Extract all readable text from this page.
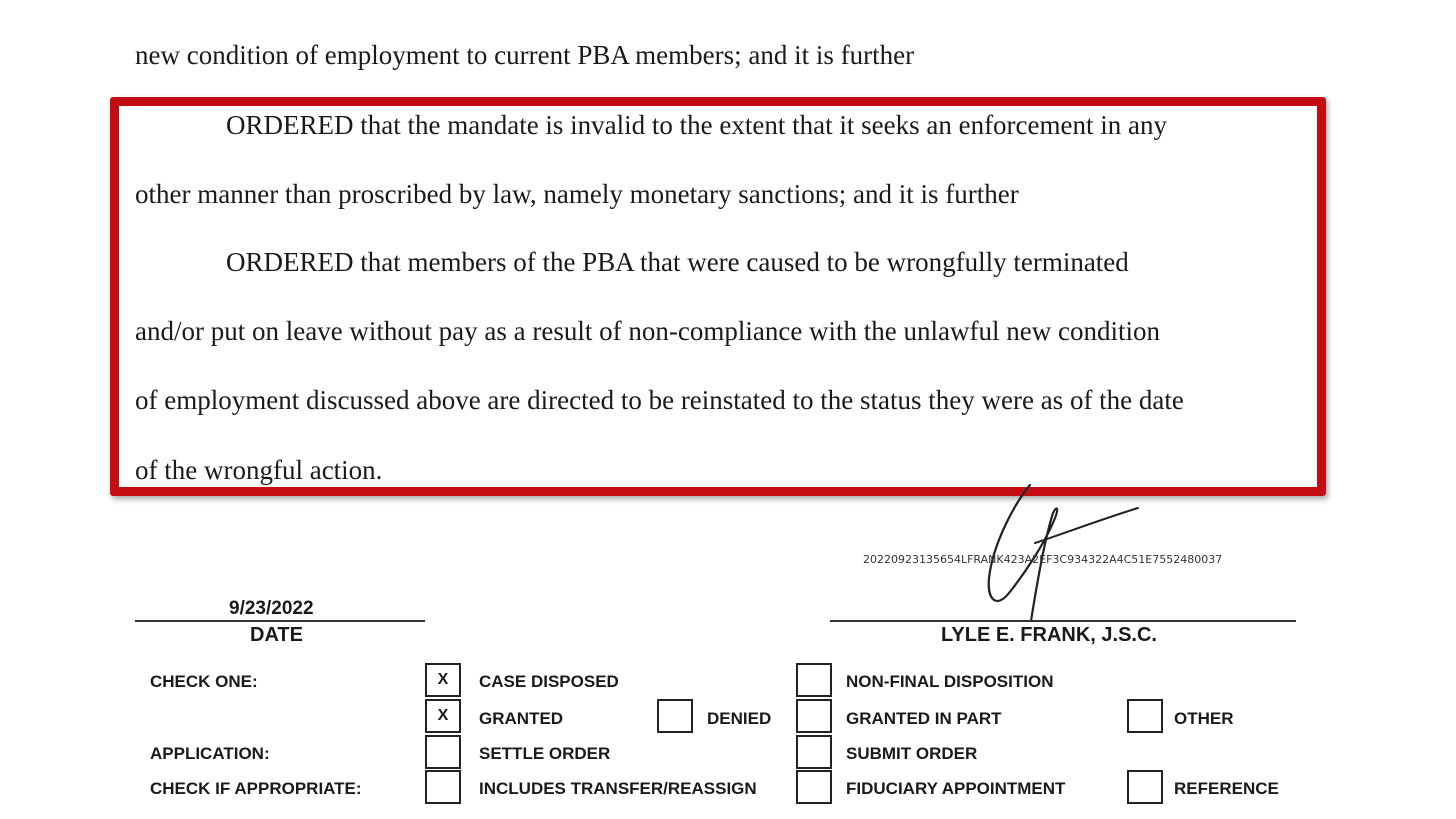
new condition of employment to current PBA members; and it is further
ORDERED that the mandate is invalid to the extent that it seeks an enforcement in any
other manner than proscribed by law, namely monetary sanctions; and it is further
ORDERED that members of the PBA that were caused to be wrongfully terminated
and/or put on leave without pay as a result of non-compliance with the unlawful new condition
of employment discussed above are directed to be reinstated to the status they were as of the date
of the wrongful action.
20220923135654LFRANK423A2EF3C934322A4C51E7552480037
LYLE E. FRANK, J.S.C.
9/23/2022
DATE
CHECK ONE:
APPLICATION:
CHECK IF APPROPRIATE:
X	CASE DISPOSED
X	GRANTED
SETTLE ORDER
INCLUDES TRANSFER/REASSIGN
DENIED
NON-FINAL DISPOSITION
GRANTED IN PART
SUBMIT ORDER
FIDUCIARY APPOINTMENT
OTHER
REFERENCE
